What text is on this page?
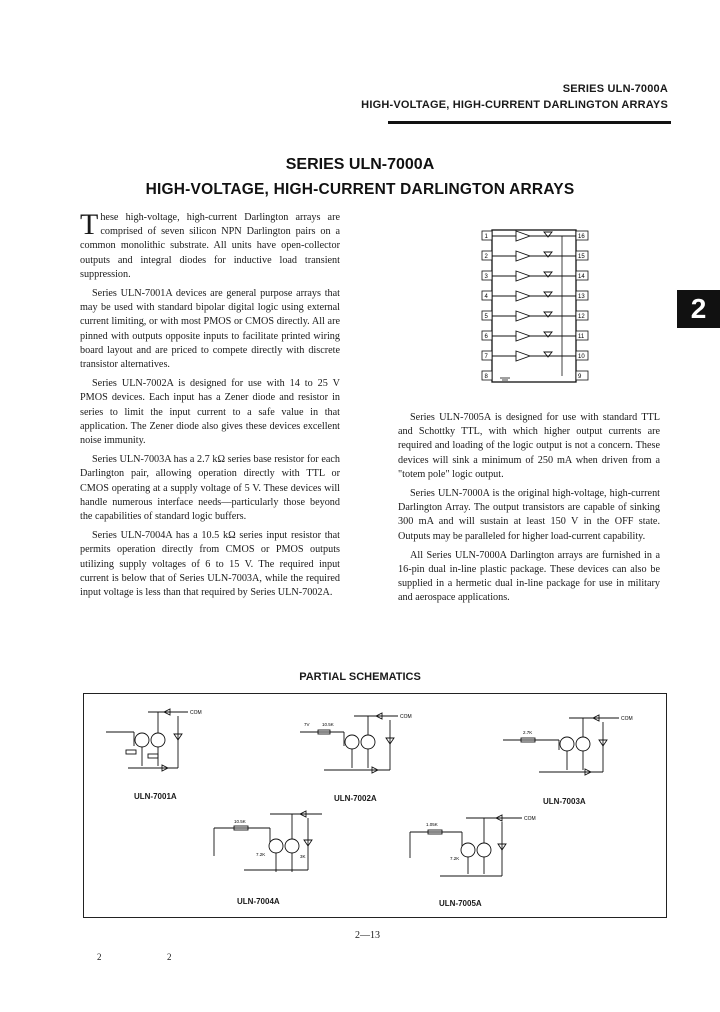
SERIES ULN-7000A
HIGH-VOLTAGE, HIGH-CURRENT DARLINGTON ARRAYS
SERIES ULN-7000A
HIGH-VOLTAGE, HIGH-CURRENT DARLINGTON ARRAYS
2

These high-voltage, high-current Darlington arrays are comprised of seven silicon NPN Darlington pairs on a common monolithic substrate. All units have open-collector outputs and integral diodes for inductive load transient suppression.

Series ULN-7001A devices are general purpose arrays that may be used with standard bipolar digital logic using external current limiting, or with most PMOS or CMOS directly. All are pinned with outputs opposite inputs to facilitate printed wiring board layout and are priced to compete directly with discrete transistor alternatives.

Series ULN-7002A is designed for use with 14 to 25 V PMOS devices. Each input has a Zener diode and resistor in series to limit the input current to a safe value in that application. The Zener diode also gives these devices excellent noise immunity.

Series ULN-7003A has a 2.7 kΩ series base resistor for each Darlington pair, allowing operation directly with TTL or CMOS operating at a supply voltage of 5 V. These devices will handle numerous interface needs—particularly those beyond the capabilities of standard logic buffers.

Series ULN-7004A has a 10.5 kΩ series input resistor that permits operation directly from CMOS or PMOS outputs utilizing supply voltages of 6 to 15 V. The required input current is below that of Series ULN-7003A, while the required input voltage is less than that required by Series ULN-7002A.

1
2
3
4
5
6
7
8
16
15
14
13
12
11
10
9

Series ULN-7005A is designed for use with standard TTL and Schottky TTL, with which higher output currents are required and loading of the logic output is not a concern. These devices will sink a minimum of 250 mA when driven from a "totem pole" logic output.

Series ULN-7000A is the original high-voltage, high-current Darlington Array. The output transistors are capable of sinking 300 mA and will sustain at least 150 V in the OFF state. Outputs may be paralleled for higher load-current capability.

All Series ULN-7000A Darlington arrays are furnished in a 16-pin dual in-line plastic package. These devices can also be supplied in a hermetic dual in-line package for use in military and aerospace applications.

PARTIAL SCHEMATICS
COM
ULN-7001A
7V	10.5K
COM
ULN-7002A
2.7K
COM
ULN-7003A
10.5K
7.2K	3K
ULN-7004A
1.05K
7.2K
COM
ULN-7005A
2—13
2	2
